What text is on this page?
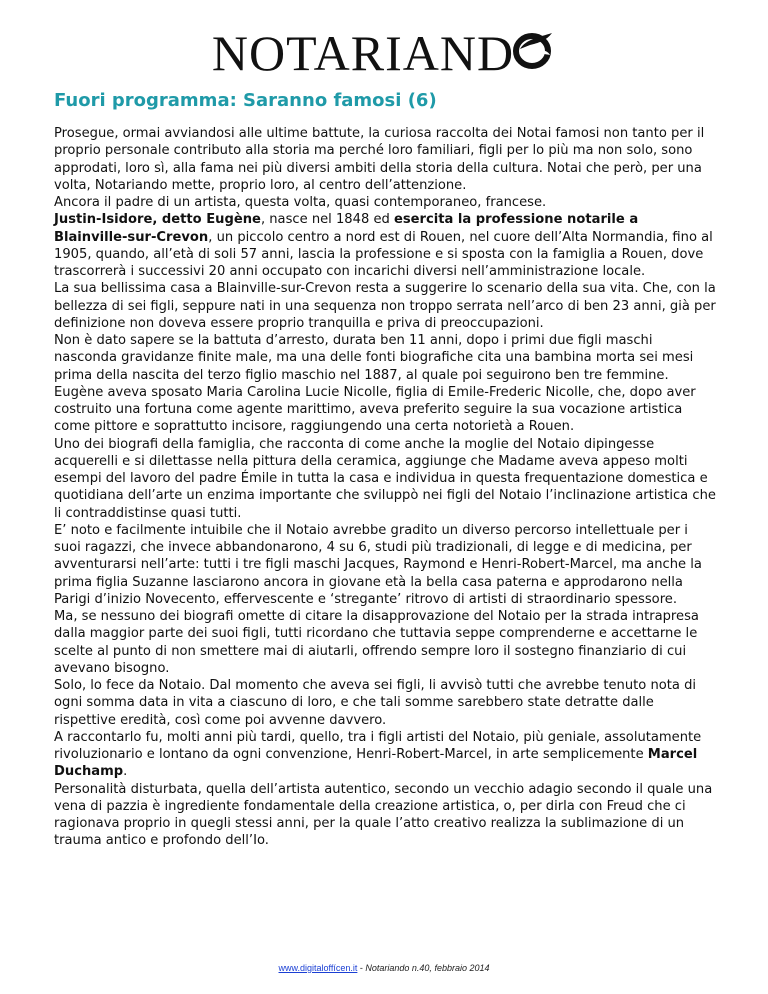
NOTARIAND
Fuori programma: Saranno famosi (6)

Prosegue, ormai avviandosi alle ultime battute, la curiosa raccolta dei Notai famosi non tanto per il proprio personale contributo alla storia ma perché loro familiari, figli per lo più ma non solo, sono approdati, loro sì, alla fama nei più diversi ambiti della storia della cultura. Notai che però, per una volta, Notariando mette, proprio loro, al centro dell’attenzione.

Ancora il padre di un artista, questa volta, quasi contemporaneo, francese.

Justin-Isidore, detto Eugène, nasce nel 1848 ed esercita la professione notarile a Blainville-sur-Crevon, un piccolo centro a nord est di Rouen, nel cuore dell’Alta Normandia, fino al 1905, quando, all’età di soli 57 anni, lascia la professione e si sposta con la famiglia a Rouen, dove trascorrerà i successivi 20 anni occupato con incarichi diversi nell’amministrazione locale.

La sua bellissima casa a Blainville-sur-Crevon resta a suggerire lo scenario della sua vita. Che, con la bellezza di sei figli, seppure nati in una sequenza non troppo serrata nell’arco di ben 23 anni, già per definizione non doveva essere proprio tranquilla e priva di preoccupazioni.

Non è dato sapere se la battuta d’arresto, durata ben 11 anni, dopo i primi due figli maschi nasconda gravidanze finite male, ma una delle fonti biografiche cita una bambina morta sei mesi prima della nascita del terzo figlio maschio nel 1887, al quale poi seguirono ben tre femmine.

Eugène aveva sposato Maria Carolina Lucie Nicolle, figlia di Emile-Frederic Nicolle, che, dopo aver costruito una fortuna come agente marittimo, aveva preferito seguire la sua vocazione artistica come pittore e soprattutto incisore, raggiungendo una certa notorietà a Rouen.

Uno dei biografi della famiglia, che racconta di come anche la moglie del Notaio dipingesse acquerelli e si dilettasse nella pittura della ceramica, aggiunge che Madame aveva appeso molti esempi del lavoro del padre Émile in tutta la casa e individua in questa frequentazione domestica e quotidiana dell’arte un enzima importante che sviluppò nei figli del Notaio l’inclinazione artistica che li contraddistinse quasi tutti.

E’ noto e facilmente intuibile che il Notaio avrebbe gradito un diverso percorso intellettuale per i suoi ragazzi, che invece abbandonarono, 4 su 6, studi più tradizionali, di legge e di medicina, per avventurarsi nell’arte: tutti i tre figli maschi Jacques, Raymond e Henri-Robert-Marcel, ma anche la prima figlia Suzanne lasciarono ancora in giovane età la bella casa paterna e approdarono nella Parigi d’inizio Novecento, effervescente e ‘stregante’ ritrovo di artisti di straordinario spessore.

Ma, se nessuno dei biografi omette di citare la disapprovazione del Notaio per la strada intrapresa dalla maggior parte dei suoi figli, tutti ricordano che tuttavia seppe comprenderne e accettarne le scelte al punto di non smettere mai di aiutarli, offrendo sempre loro il sostegno finanziario di cui avevano bisogno.

Solo, lo fece da Notaio. Dal momento che aveva sei figli, li avvisò tutti che avrebbe tenuto nota di ogni somma data in vita a ciascuno di loro, e che tali somme sarebbero state detratte dalle rispettive eredità, così come poi avvenne davvero.

A raccontarlo fu, molti anni più tardi, quello, tra i figli artisti del Notaio, più geniale, assolutamente rivoluzionario e lontano da ogni convenzione, Henri-Robert-Marcel, in arte semplicemente Marcel Duchamp.

Personalità disturbata, quella dell’artista autentico, secondo un vecchio adagio secondo il quale una vena di pazzia è ingrediente fondamentale della creazione artistica, o, per dirla con Freud che ci ragionava proprio in quegli stessi anni, per la quale l’atto creativo realizza la sublimazione di un trauma antico e profondo dell’Io.

www.digitaloffícen.it - Notariando n.40, febbraio 2014
